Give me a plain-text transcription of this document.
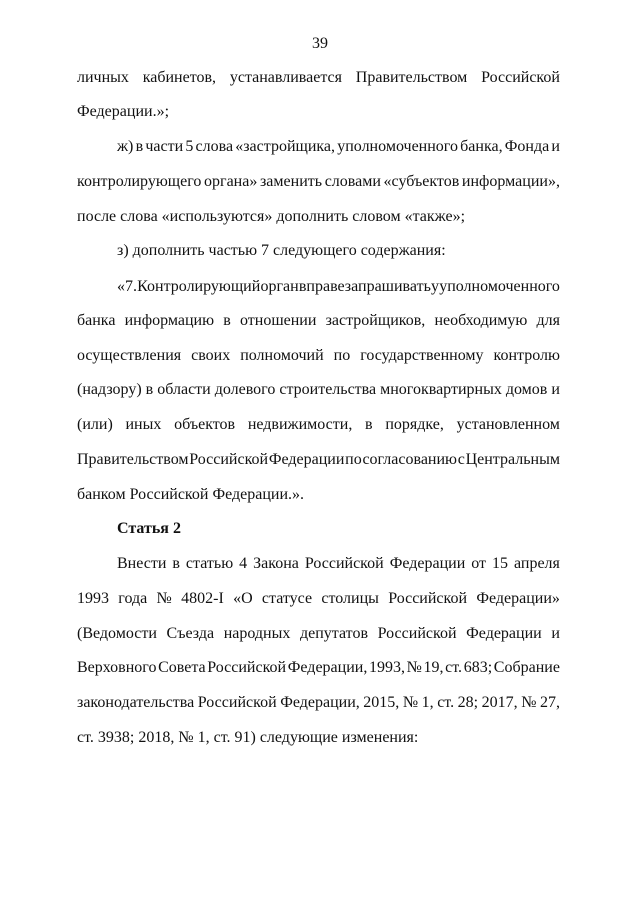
39
личных кабинетов, устанавливается Правительством Российской
Федерации.»;
ж) в части 5 слова «застройщика, уполномоченного банка, Фонда и
контролирующего органа» заменить словами «субъектов информации»,
после слова «используются» дополнить словом «также»;
з) дополнить частью 7 следующего содержания:
«7. Контролирующий орган вправе запрашивать у уполномоченного
банка информацию в отношении застройщиков, необходимую для
осуществления своих полномочий по государственному контролю
(надзору) в области долевого строительства многоквартирных домов и
(или) иных объектов недвижимости, в порядке, установленном
Правительством Российской Федерации по согласованию с Центральным
банком Российской Федерации.».
Статья 2
Внести в статью 4 Закона Российской Федерации от 15 апреля
1993 года № 4802-I «О статусе столицы Российской Федерации»
(Ведомости Съезда народных депутатов Российской Федерации и
Верховного Совета Российской Федерации, 1993, № 19, ст. 683; Собрание
законодательства Российской Федерации, 2015, № 1, ст. 28; 2017, № 27,
ст. 3938; 2018, № 1, ст. 91) следующие изменения:
